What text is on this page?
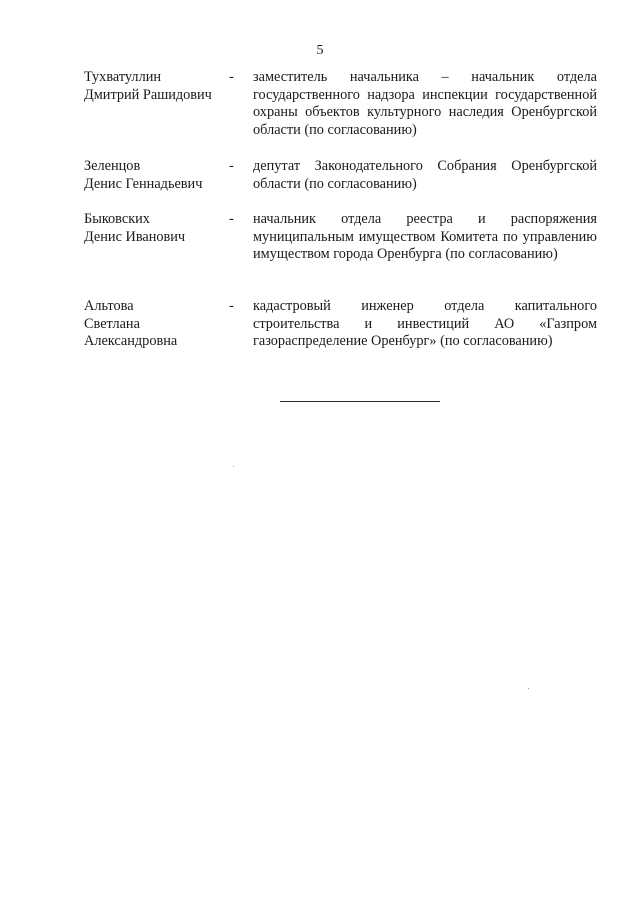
5
Тухватуллин
Дмитрий Рашидович
- заместитель начальника – начальник отдела государственного надзора инспекции государственной охраны объектов культурного наследия Оренбургской области (по согласованию)
Зеленцов
Денис Геннадьевич
- депутат Законодательного Собрания Оренбургской области (по согласованию)
Быковских
Денис Иванович
- начальник отдела реестра и распоряжения муниципальным имуществом Комитета по управлению имуществом города Оренбурга (по согласованию)
Альтова
Светлана
Александровна
- кадастровый инженер отдела капитального строительства и инвестиций АО «Газпром газораспределение Оренбург» (по согласованию)
